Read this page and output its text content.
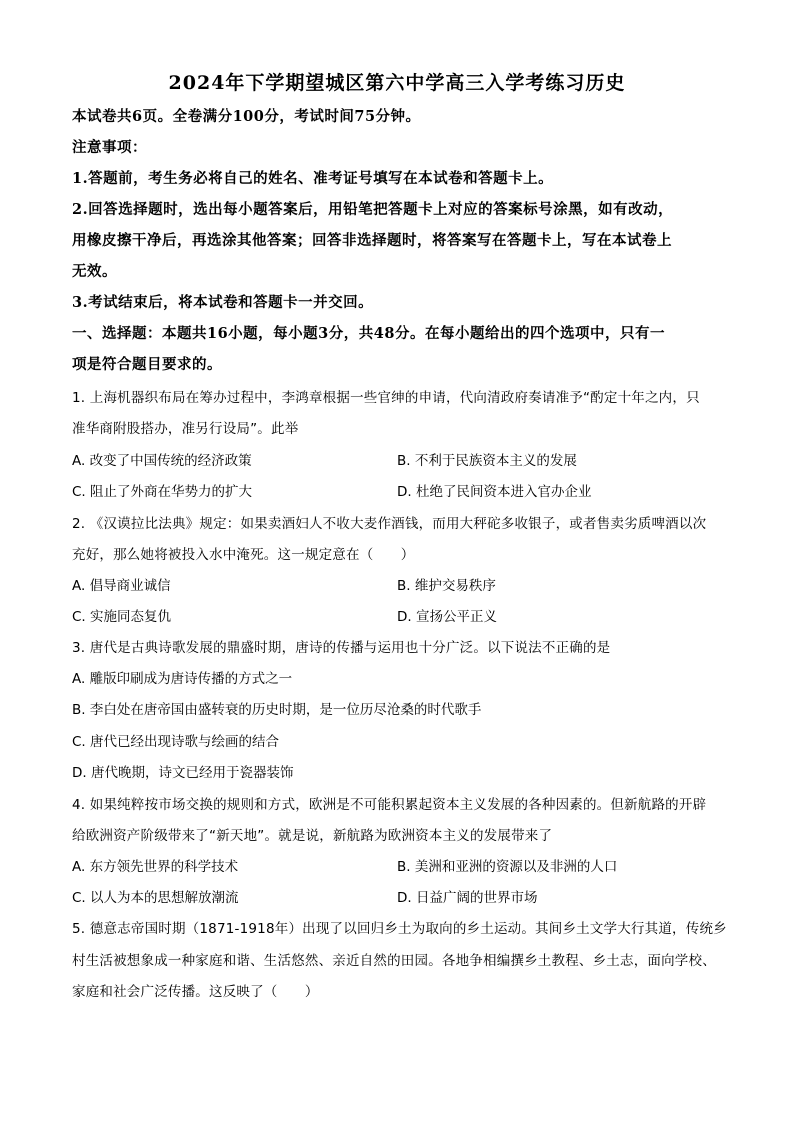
2024年下学期望城区第六中学高三入学考练习历史
本试卷共6页。全卷满分100分，考试时间75分钟。
注意事项：
1.答题前，考生务必将自己的姓名、准考证号填写在本试卷和答题卡上。
2.回答选择题时，选出每小题答案后，用铅笔把答题卡上对应的答案标号涂黑，如有改动，
用橡皮擦干净后，再选涂其他答案；回答非选择题时，将答案写在答题卡上，写在本试卷上
无效。
3.考试结束后，将本试卷和答题卡一并交回。
一、选择题：本题共16小题，每小题3分，共48分。在每小题给出的四个选项中，只有一
项是符合题目要求的。
1. 上海机器织布局在筹办过程中，李鸿章根据一些官绅的申请，代向清政府奏请准予“酌定十年之内，只
准华商附股搭办，准另行设局”。此举
A. 改变了中国传统的经济政策	B. 不利于民族资本主义的发展
C. 阻止了外商在华势力的扩大	D. 杜绝了民间资本进入官办企业
2. 《汉谟拉比法典》规定：如果卖酒妇人不收大麦作酒钱，而用大秤砣多收银子，或者售卖劣质啤酒以次
充好，那么她将被投入水中淹死。这一规定意在（　　）
A. 倡导商业诚信	B. 维护交易秩序
C. 实施同态复仇	D. 宣扬公平正义
3. 唐代是古典诗歌发展的鼎盛时期，唐诗的传播与运用也十分广泛。以下说法不正确的是
A. 雕版印刷成为唐诗传播的方式之一
B. 李白处在唐帝国由盛转衰的历史时期，是一位历尽沧桑的时代歌手
C. 唐代已经出现诗歌与绘画的结合
D. 唐代晚期，诗文已经用于瓷器装饰
4. 如果纯粹按市场交换的规则和方式，欧洲是不可能积累起资本主义发展的各种因素的。但新航路的开辟
给欧洲资产阶级带来了“新天地”。就是说，新航路为欧洲资本主义的发展带来了
A. 东方领先世界的科学技术	B. 美洲和亚洲的资源以及非洲的人口
C. 以人为本的思想解放潮流	D. 日益广阔的世界市场
5. 德意志帝国时期（1871-1918年）出现了以回归乡土为取向的乡土运动。其间乡土文学大行其道，传统乡
村生活被想象成一种家庭和谐、生活悠然、亲近自然的田园。各地争相编撰乡土教程、乡土志，面向学校、
家庭和社会广泛传播。这反映了（　　）
